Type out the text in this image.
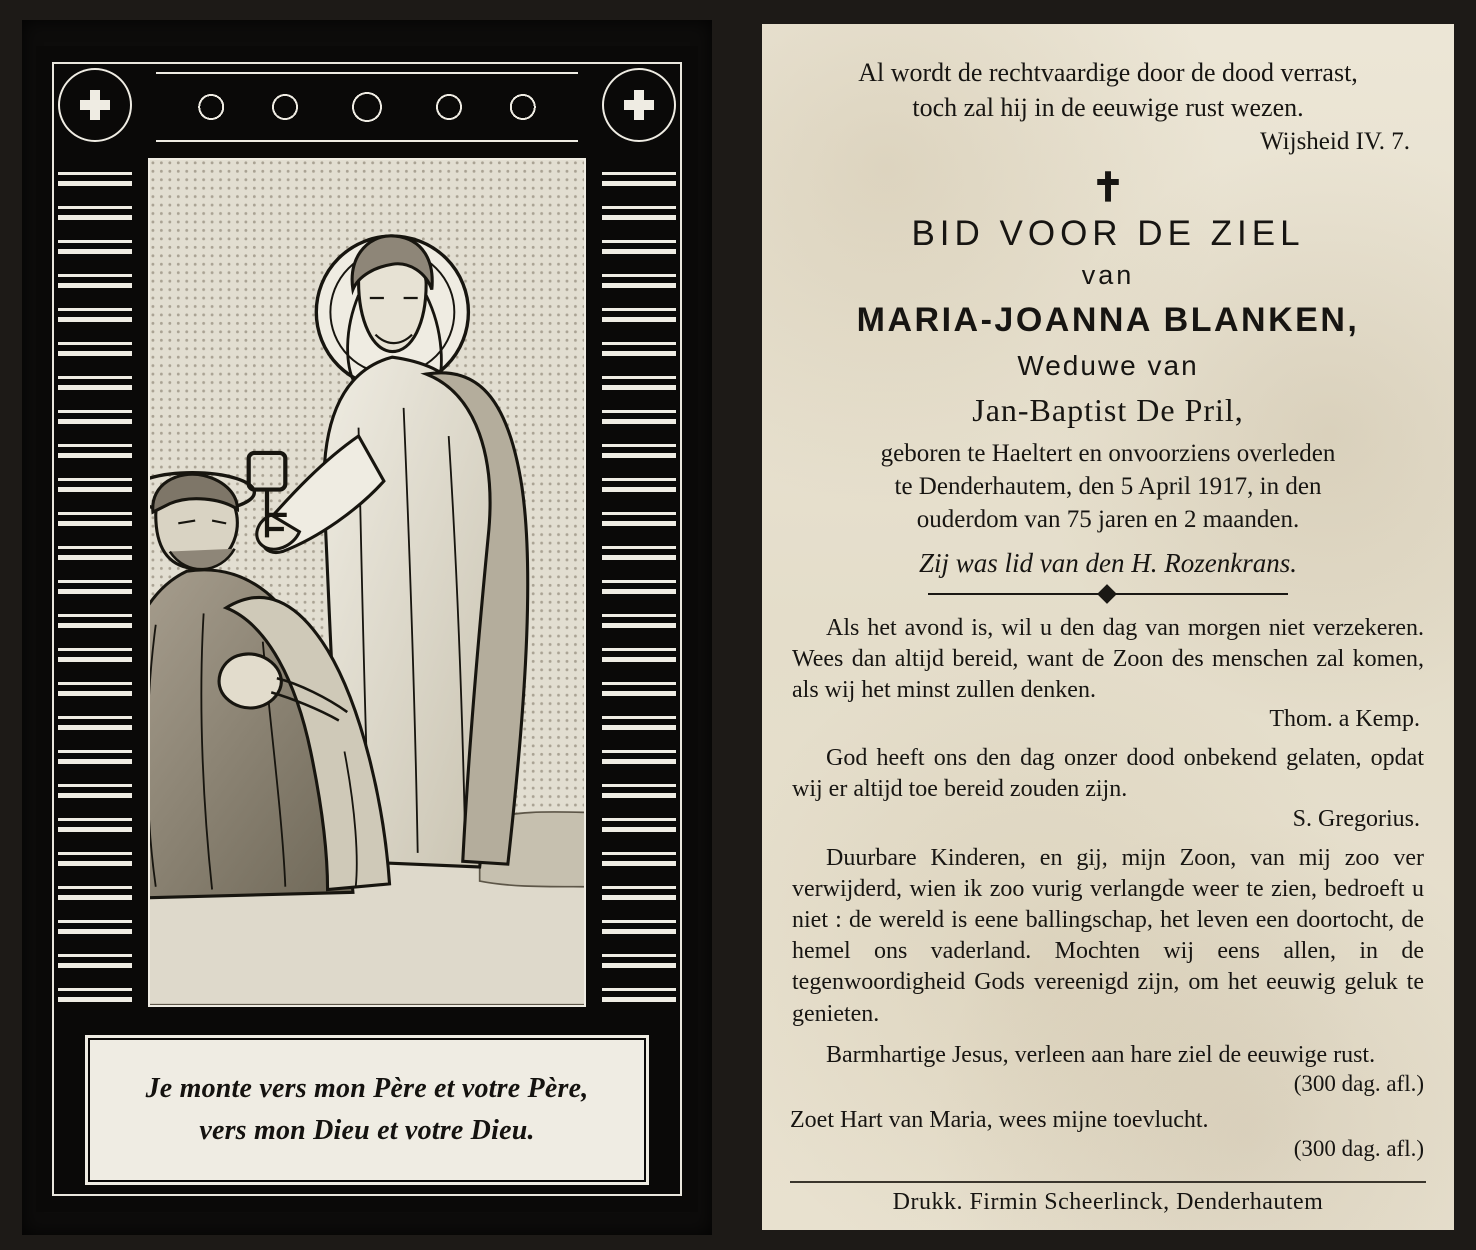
Je monte vers mon Père et votre Père,
vers mon Dieu et votre Dieu.
Al wordt de rechtvaardige door de dood verrast,
toch zal hij in de eeuwige rust wezen.
Wijsheid IV. 7.
✝
BID VOOR DE ZIEL
van
MARIA-JOANNA BLANKEN,
Weduwe van
Jan-Baptist De Pril,
geboren te Haeltert en onvoorziens overleden
te Denderhautem, den 5 April 1917, in den
ouderdom van 75 jaren en 2 maanden.
Zij was lid van den H. Rozenkrans.
Als het avond is, wil u den dag van morgen niet verzekeren. Wees dan altijd bereid, want de Zoon des menschen zal komen, als wij het minst zullen denken.
Thom. a Kemp.
God heeft ons den dag onzer dood onbekend gelaten, opdat wij er altijd toe bereid zouden zijn.
S. Gregorius.
Duurbare Kinderen, en gij, mijn Zoon, van mij zoo ver verwijderd, wien ik zoo vurig verlangde weer te zien, bedroeft u niet : de wereld is eene ballingschap, het leven een doortocht, de hemel ons vaderland. Mochten wij eens allen, in de tegenwoordigheid Gods vereenigd zijn, om het eeuwig geluk te genieten.
Barmhartige Jesus, verleen aan hare ziel de eeuwige rust.
(300 dag. afl.)
Zoet Hart van Maria, wees mijne toevlucht.
(300 dag. afl.)
Drukk. Firmin Scheerlinck, Denderhautem
